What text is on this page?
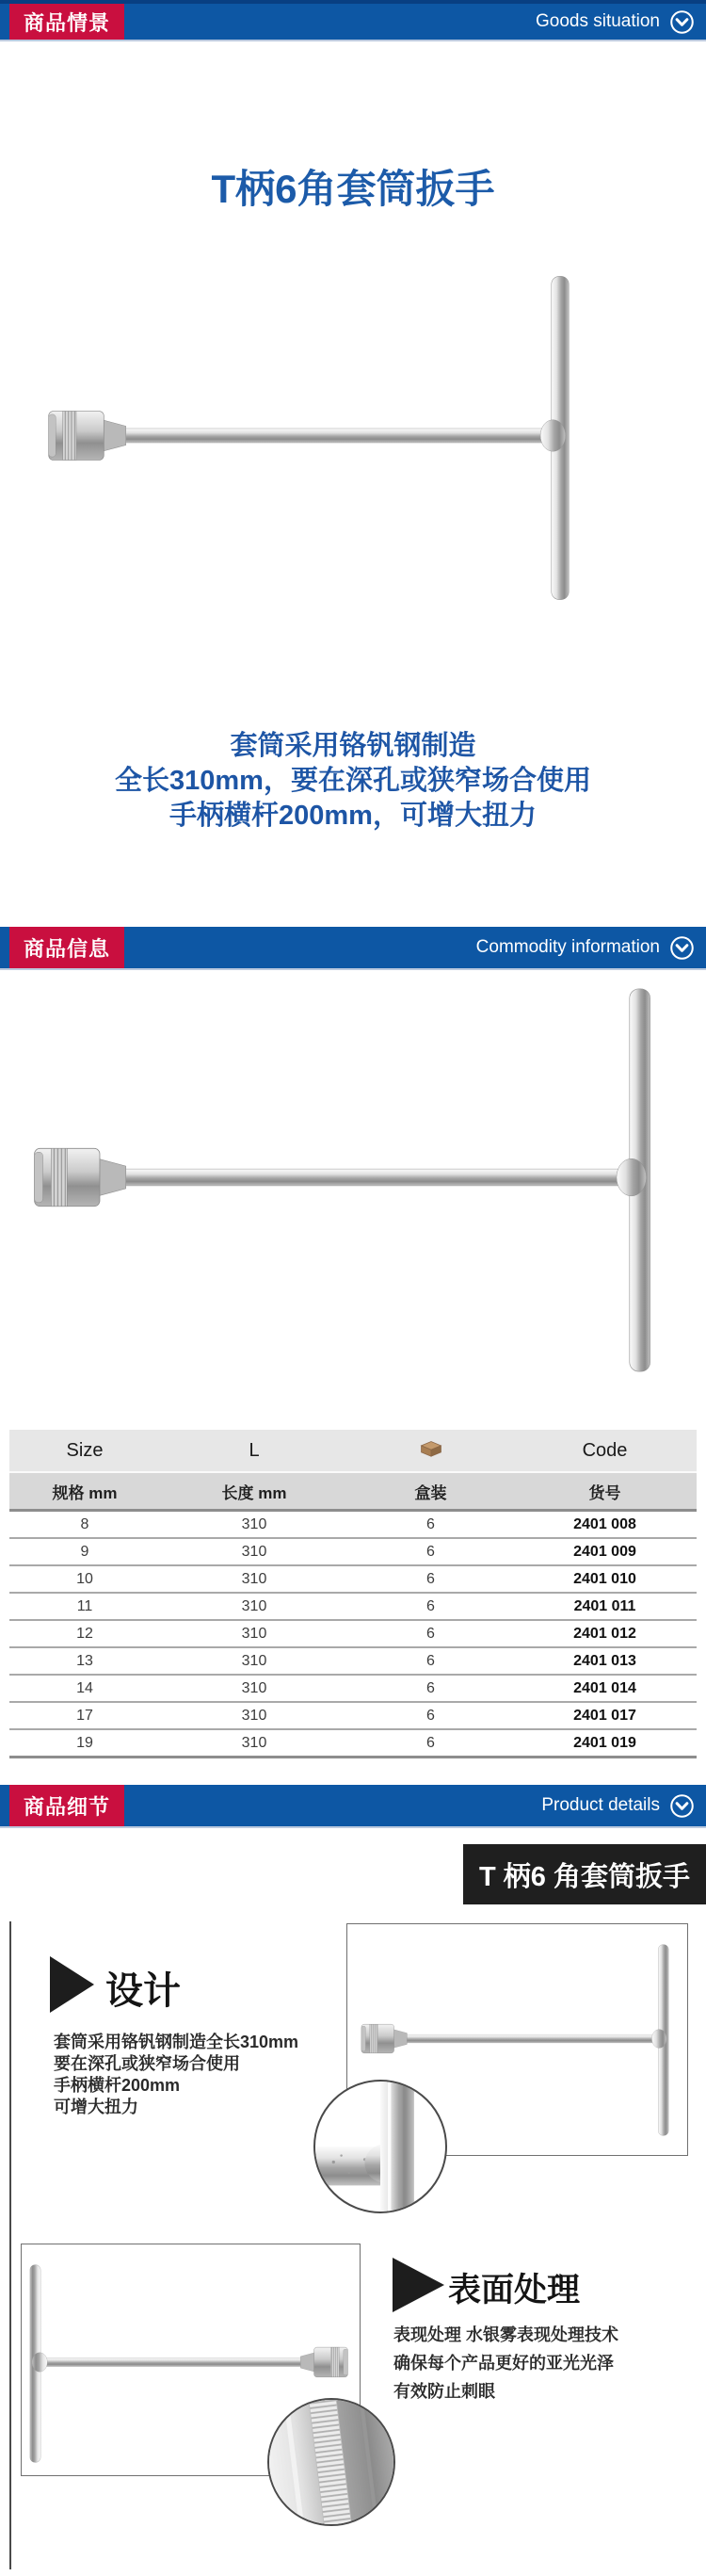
商品情景	Goods situation
T柄6角套筒扳手
套筒采用铬钒钢制造
全长310mm，要在深孔或狭窄场合使用
手柄横杆200mm，可增大扭力
商品信息	Commodity information
Size	L		Code
规格 mm	长度 mm	盒装	货号
8	310	6	2401 008
9	310	6	2401 009
10	310	6	2401 010
11	310	6	2401 011
12	310	6	2401 012
13	310	6	2401 013
14	310	6	2401 014
17	310	6	2401 017
19	310	6	2401 019
商品细节	Product details
T 柄6 角套筒扳手
设计
套筒采用铬钒钢制造全长310mm
要在深孔或狭窄场合使用
手柄横杆200mm
可增大扭力
表面处理
表现处理 水银雾表现处理技术
确保每个产品更好的亚光光泽
有效防止刺眼
